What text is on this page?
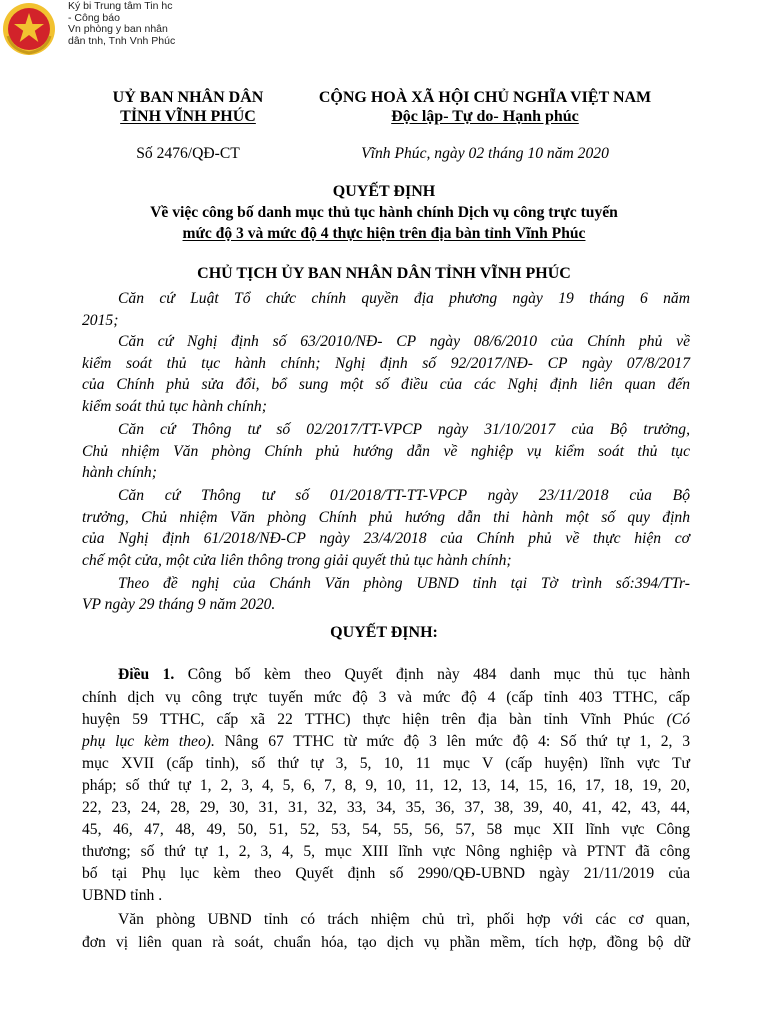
Ký bi Trung tâm Tin hc
- Công báo
Vn phòng y ban nhân
dân tnh, Tnh Vnh Phúc
UỶ BAN NHÂN DÂN
TỈNH VĨNH PHÚC
CỘNG HOÀ XÃ HỘI CHỦ NGHĨA VIỆT NAM
Độc lập- Tự do- Hạnh phúc
Số 2476/QĐ-CT	Vĩnh Phúc, ngày 02 tháng 10 năm 2020
QUYẾT ĐỊNH
Về việc công bố danh mục thủ tục hành chính Dịch vụ công trực tuyến
mức độ 3 và mức độ 4 thực hiện trên địa bàn tỉnh Vĩnh Phúc
CHỦ TỊCH ỦY BAN NHÂN DÂN TỈNH VĨNH PHÚC
Căn cứ Luật Tổ chức chính quyền địa phương ngày 19 tháng 6 năm
2015;
Căn cứ Nghị định số 63/2010/NĐ- CP ngày 08/6/2010 của Chính phủ về
kiểm soát thủ tục hành chính; Nghị định số 92/2017/NĐ- CP ngày 07/8/2017
của Chính phủ sửa đổi, bổ sung một số điều của các Nghị định liên quan đến
kiểm soát thủ tục hành chính;
Căn cứ Thông tư số 02/2017/TT-VPCP ngày 31/10/2017 của Bộ trưởng,
Chủ nhiệm Văn phòng Chính phủ hướng dẫn về nghiệp vụ kiểm soát thủ tục
hành chính;
Căn cứ Thông tư số 01/2018/TT-TT-VPCP ngày 23/11/2018 của Bộ
trưởng, Chủ nhiệm Văn phòng Chính phủ hướng dẫn thi hành một số quy định
của Nghị định 61/2018/NĐ-CP ngày 23/4/2018 của Chính phủ về thực hiện cơ
chế một cửa, một cửa liên thông trong giải quyết thủ tục hành chính;
Theo đề nghị của Chánh Văn phòng UBND tỉnh tại Tờ trình số:394/TTr-
VP ngày 29 tháng 9 năm 2020.
QUYẾT ĐỊNH:
Điều 1. Công bố kèm theo Quyết định này 484 danh mục thủ tục hành
chính dịch vụ công trực tuyến mức độ 3 và mức độ 4 (cấp tỉnh 403 TTHC, cấp
huyện 59 TTHC, cấp xã 22 TTHC) thực hiện trên địa bàn tỉnh Vĩnh Phúc (Có
phụ lục kèm theo). Nâng 67 TTHC từ mức độ 3 lên mức độ 4: Số thứ tự 1, 2, 3
mục XVII (cấp tỉnh), số thứ tự 3, 5, 10, 11 mục V (cấp huyện) lĩnh vực Tư
pháp; số thứ tự 1, 2, 3, 4, 5, 6, 7, 8, 9, 10, 11, 12, 13, 14, 15, 16, 17, 18, 19, 20,
22, 23, 24, 28, 29, 30, 31, 31, 32, 33, 34, 35, 36, 37, 38, 39, 40, 41, 42, 43, 44,
45, 46, 47, 48, 49, 50, 51, 52, 53, 54, 55, 56, 57, 58 mục XII lĩnh vực Công
thương; số thứ tự 1, 2, 3, 4, 5, mục XIII lĩnh vực Nông nghiệp và PTNT đã công
bố tại Phụ lục kèm theo Quyết định số 2990/QĐ-UBND ngày 21/11/2019 của
UBND tỉnh .
Văn phòng UBND tỉnh có trách nhiệm chủ trì, phối hợp với các cơ quan,
đơn vị liên quan rà soát, chuẩn hóa, tạo dịch vụ phần mềm, tích hợp, đồng bộ dữ
